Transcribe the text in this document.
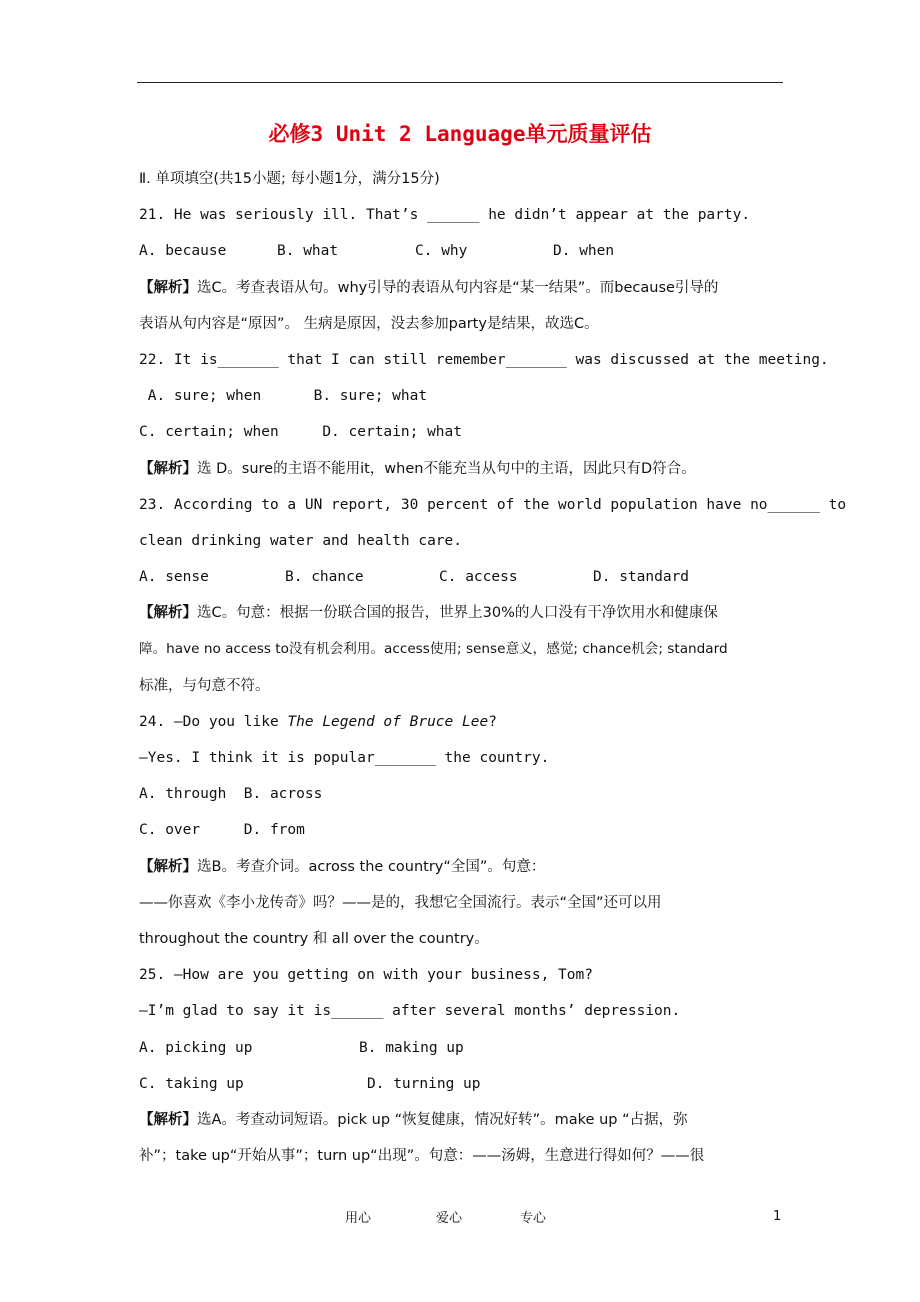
必修3 Unit 2 Language单元质量评估
Ⅱ. 单项填空(共15小题; 每小题1分，满分15分)
21. He was seriously ill. That’s ______ he didn’t appear at the party.
A. because	B. what	C. why	D. when
【解析】选C。考查表语从句。why引导的表语从句内容是“某一结果”。而because引导的
表语从句内容是“原因”。 生病是原因，没去参加party是结果，故选C。
22. It is_______ that I can still remember_______ was discussed at the meeting.
A. sure; when      B. sure; what
C. certain; when     D. certain; what
【解析】选 D。sure的主语不能用it，when不能充当从句中的主语，因此只有D符合。
23. According to a UN report, 30 percent of the world population have no______ to
clean drinking water and health care.
A. sense	B. chance	C. access	D. standard
【解析】选C。句意：根据一份联合国的报告，世界上30%的人口没有干净饮用水和健康保
障。have no access to没有机会利用。access使用; sense意义，感觉; chance机会; standard
标准，与句意不符。
24. —Do you like The Legend of Bruce Lee?
—Yes. I think it is popular_______ the country.
A. through  B. across
C. over     D. from
【解析】选B。考查介词。across the country“全国”。句意：
——你喜欢《李小龙传奇》吗？——是的，我想它全国流行。表示“全国”还可以用
throughout the country 和 all over the country。
25. —How are you getting on with your business, Tom?
—I’m glad to say it is______ after several months’ depression.
A. picking up	B. making up
C. taking up	D. turning up
【解析】选A。考查动词短语。pick up “恢复健康，情况好转”。make up “占据，弥
补”；take up“开始从事”；turn up“出现”。句意：——汤姆，生意进行得如何？——很
用心	爱心	专心	1
